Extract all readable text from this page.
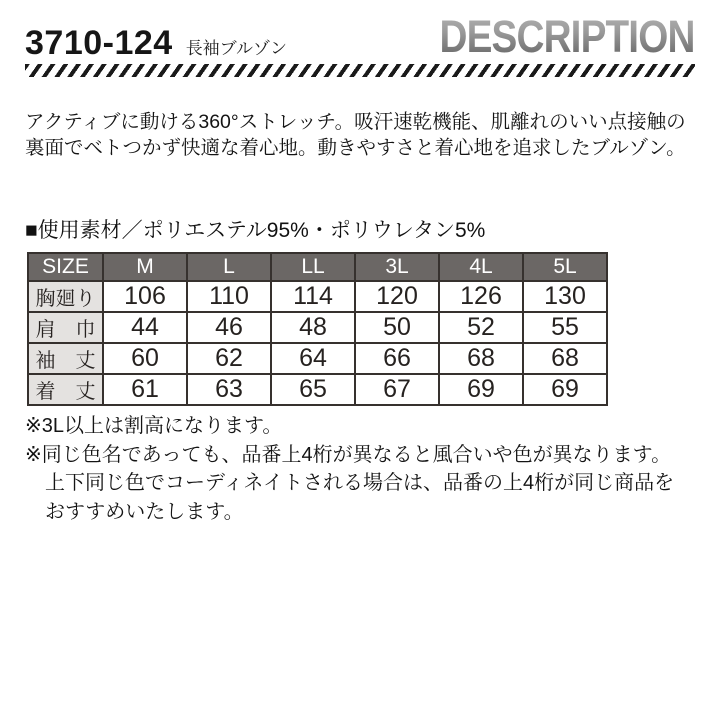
3710-124 長袖ブルゾン	DESCRIPTION
アクティブに動ける360°ストレッチ。吸汗速乾機能、肌離れのいい点接触の
裏面でベトつかず快適な着心地。動きやすさと着心地を追求したブルゾン。
■使用素材／ポリエステル95%・ポリウレタン5%
SIZE	M	L	LL	3L	4L	5L
胸廻り	106	110	114	120	126	130
肩　巾	44	46	48	50	52	55
袖　丈	60	62	64	66	68	68
着　丈	61	63	65	67	69	69
※3L以上は割高になります。
※同じ色名であっても、品番上4桁が異なると風合いや色が異なります。
上下同じ色でコーディネイトされる場合は、品番の上4桁が同じ商品を
おすすめいたします。
